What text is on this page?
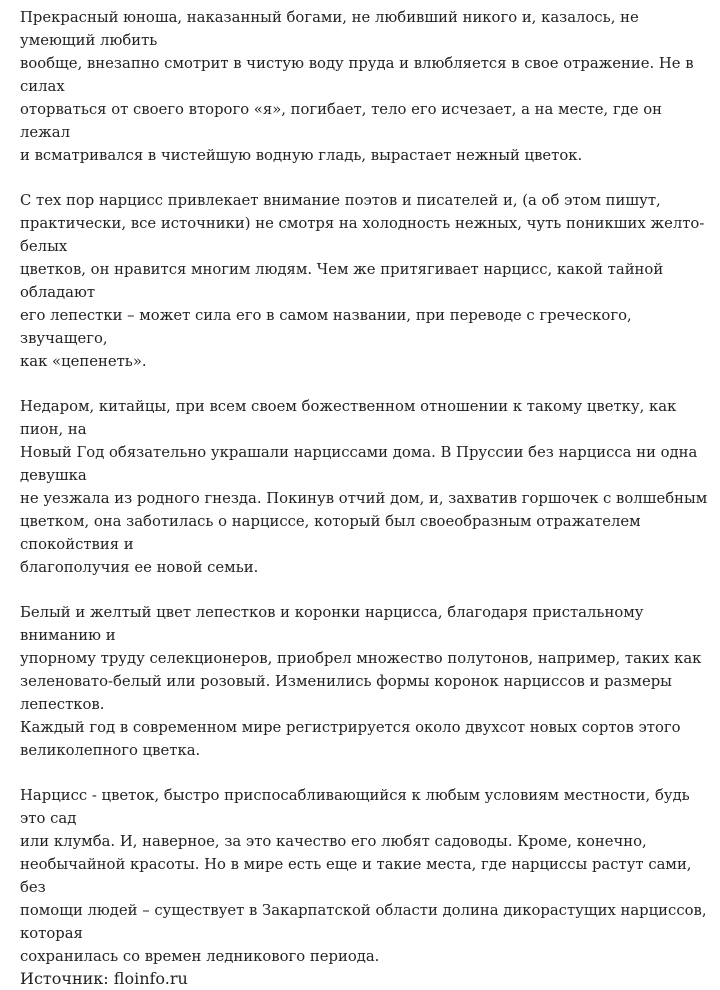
Прекрасный юноша, наказанный богами, не любивший никого и, казалось, не умеющий любить
вообще, внезапно смотрит в чистую воду пруда и влюбляется в свое отражение. Не в силах
оторваться от своего второго «я», погибает, тело его исчезает, а на месте, где он лежал
и всматривался в чистейшую водную гладь, вырастает нежный цветок.

С тех пор нарцисс привлекает внимание поэтов и писателей и, (а об этом пишут,
практически, все источники) не смотря на холодность нежных, чуть поникших желто-белых
цветков, он нравится многим людям. Чем же притягивает нарцисс, какой тайной обладают
его лепестки – может сила его в самом названии, при переводе с греческого, звучащего,
как «цепенеть».

Недаром, китайцы, при всем своем божественном отношении к такому цветку, как пион, на
Новый Год обязательно украшали нарциссами дома. В Пруссии без нарцисса ни одна девушка
не уезжала из родного гнезда. Покинув отчий дом, и, захватив горшочек с волшебным
цветком, она заботилась о нарциссе, который был своеобразным отражателем спокойствия и
благополучия ее новой семьи.

Белый и желтый цвет лепестков и коронки нарцисса, благодаря пристальному вниманию и
упорному труду селекционеров, приобрел множество полутонов, например, таких как
зеленовато-белый или розовый. Изменились формы коронок нарциссов и размеры лепестков.
Каждый год в современном мире регистрируется около двухсот новых сортов этого
великолепного цветка.

Нарцисс - цветок, быстро приспосабливающийся к любым условиям местности, будь это сад
или клумба. И, наверное, за это качество его любят садоводы. Кроме, конечно,
необычайной красоты. Но в мире есть еще и такие места, где нарциссы растут сами, без
помощи людей – существует в Закарпатской области долина дикорастущих нарциссов, которая
сохранилась со времен ледникового периода.

Источник: floinfo.ru
